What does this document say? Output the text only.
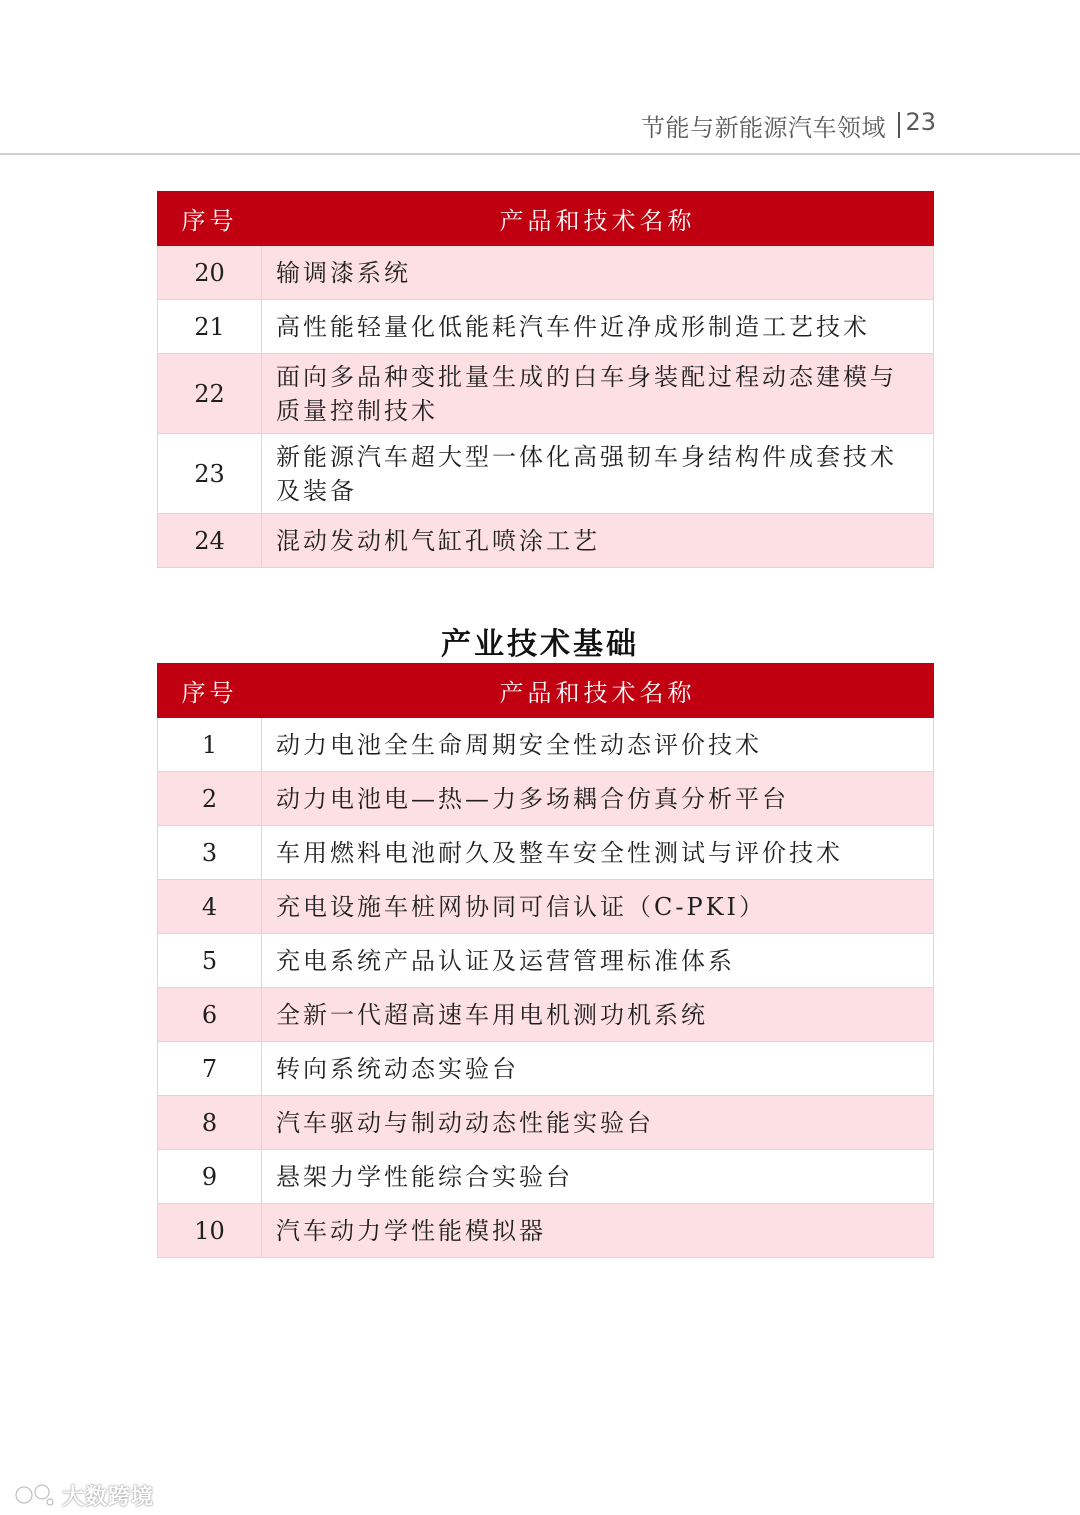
节能与新能源汽车领域 23
序号	产品和技术名称
20	输调漆系统
21	高性能轻量化低能耗汽车件近净成形制造工艺技术
22	面向多品种变批量生成的白车身装配过程动态建模与质量控制技术
23	新能源汽车超大型一体化高强韧车身结构件成套技术及装备
24	混动发动机气缸孔喷涂工艺
产业技术基础
序号	产品和技术名称
1	动力电池全生命周期安全性动态评价技术
2	动力电池电—热—力多场耦合仿真分析平台
3	车用燃料电池耐久及整车安全性测试与评价技术
4	充电设施车桩网协同可信认证（C-PKI）
5	充电系统产品认证及运营管理标准体系
6	全新一代超高速车用电机测功机系统
7	转向系统动态实验台
8	汽车驱动与制动动态性能实验台
9	悬架力学性能综合实验台
10	汽车动力学性能模拟器
大数跨境
